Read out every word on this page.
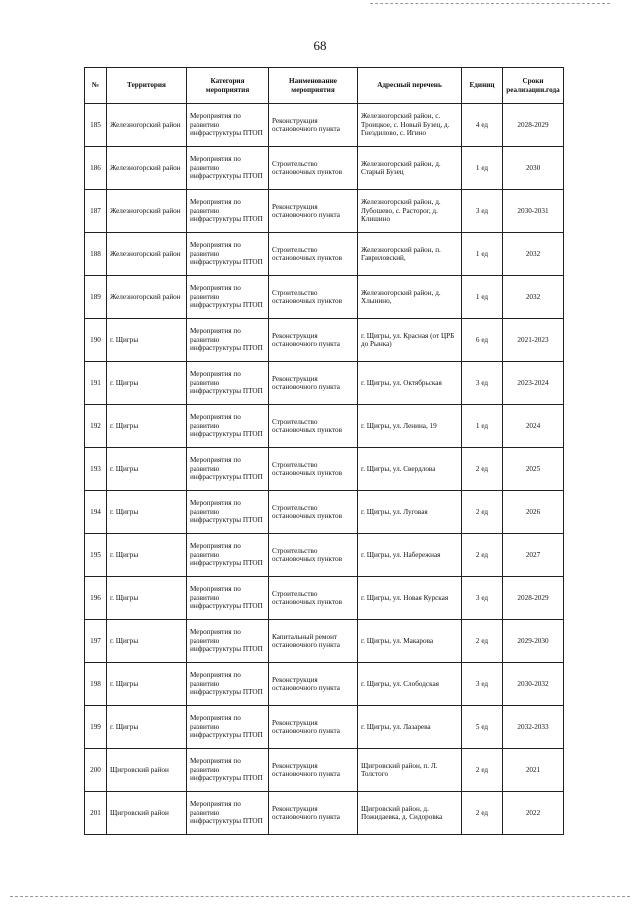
68
№	Территория	Категория мероприятия	Наименование мероприятия	Адресный перечень	Единиц	Сроки реализации.года
185	Железногорский район	Мероприятия по развитию инфраструктуры ПТОП	Реконструкция остановочного пункта	Железногорский район, с. Троицкое, с. Новый Бузец, д. Гнездилово, с. Игино	4 ед	2028-2029
186	Железногорский район	Мероприятия по развитию инфраструктуры ПТОП	Строительство остановочных пунктов	Железногорский район, д. Старый Бузец	1 ед	2030
187	Железногорский район	Мероприятия по развитию инфраструктуры ПТОП	Реконструкция остановочного пункта	Железногорский район, д. Лубошево, с. Расторог, д. Клишино	3 ед	2030-2031
188	Железногорский район	Мероприятия по развитию инфраструктуры ПТОП	Строительство остановочных пунктов	Железногорский район, п. Гавриловский,	1 ед	2032
189	Железногорский район	Мероприятия по развитию инфраструктуры ПТОП	Строительство остановочных пунктов	Железногорский район, д. Хлынино,	1 ед	2032
190	г. Щигры	Мероприятия по развитию инфраструктуры ПТОП	Реконструкция остановочного пункта	г. Щигры, ул. Красная (от ЦРБ до Рынка)	6 ед	2021-2023
191	г. Щигры	Мероприятия по развитию инфраструктуры ПТОП	Реконструкция остановочного пункта	г. Щигры, ул. Октябрьская	3 ед	2023-2024
192	г. Щигры	Мероприятия по развитию инфраструктуры ПТОП	Строительство остановочных пунктов	г. Щигры, ул. Ленина, 19	1 ед	2024
193	г. Щигры	Мероприятия по развитию инфраструктуры ПТОП	Строительство остановочных пунктов	г. Щигры, ул. Свердлова	2 ед	2025
194	г. Щигры	Мероприятия по развитию инфраструктуры ПТОП	Строительство остановочных пунктов	г. Щигры, ул. Луговая	2 ед	2026
195	г. Щигры	Мероприятия по развитию инфраструктуры ПТОП	Строительство остановочных пунктов	г. Щигры, ул. Набережная	2 ед	2027
196	г. Щигры	Мероприятия по развитию инфраструктуры ПТОП	Строительство остановочных пунктов	г. Щигры, ул. Новая Курская	3 ед	2028-2029
197	г. Щигры	Мероприятия по развитию инфраструктуры ПТОП	Капитальный ремонт остановочного пункта	г. Щигры, ул. Макарова	2 ед	2029-2030
198	г. Щигры	Мероприятия по развитию инфраструктуры ПТОП	Реконструкция остановочного пункта	г. Щигры, ул. Слободская	3 ед	2030-2032
199	г. Щигры	Мероприятия по развитию инфраструктуры ПТОП	Реконструкция остановочного пункта	г. Щигры, ул. Лазарева	5 ед	2032-2033
200	Щигровский район	Мероприятия по развитию инфраструктуры ПТОП	Реконструкция остановочного пункта	Щигровский район, п. Л. Толстого	2 ед	2021
201	Щигровский район	Мероприятия по развитию инфраструктуры ПТОП	Реконструкция остановочного пункта	Щигровский район, д. Пожидаевка, д. Сидоровка	2 ед	2022
